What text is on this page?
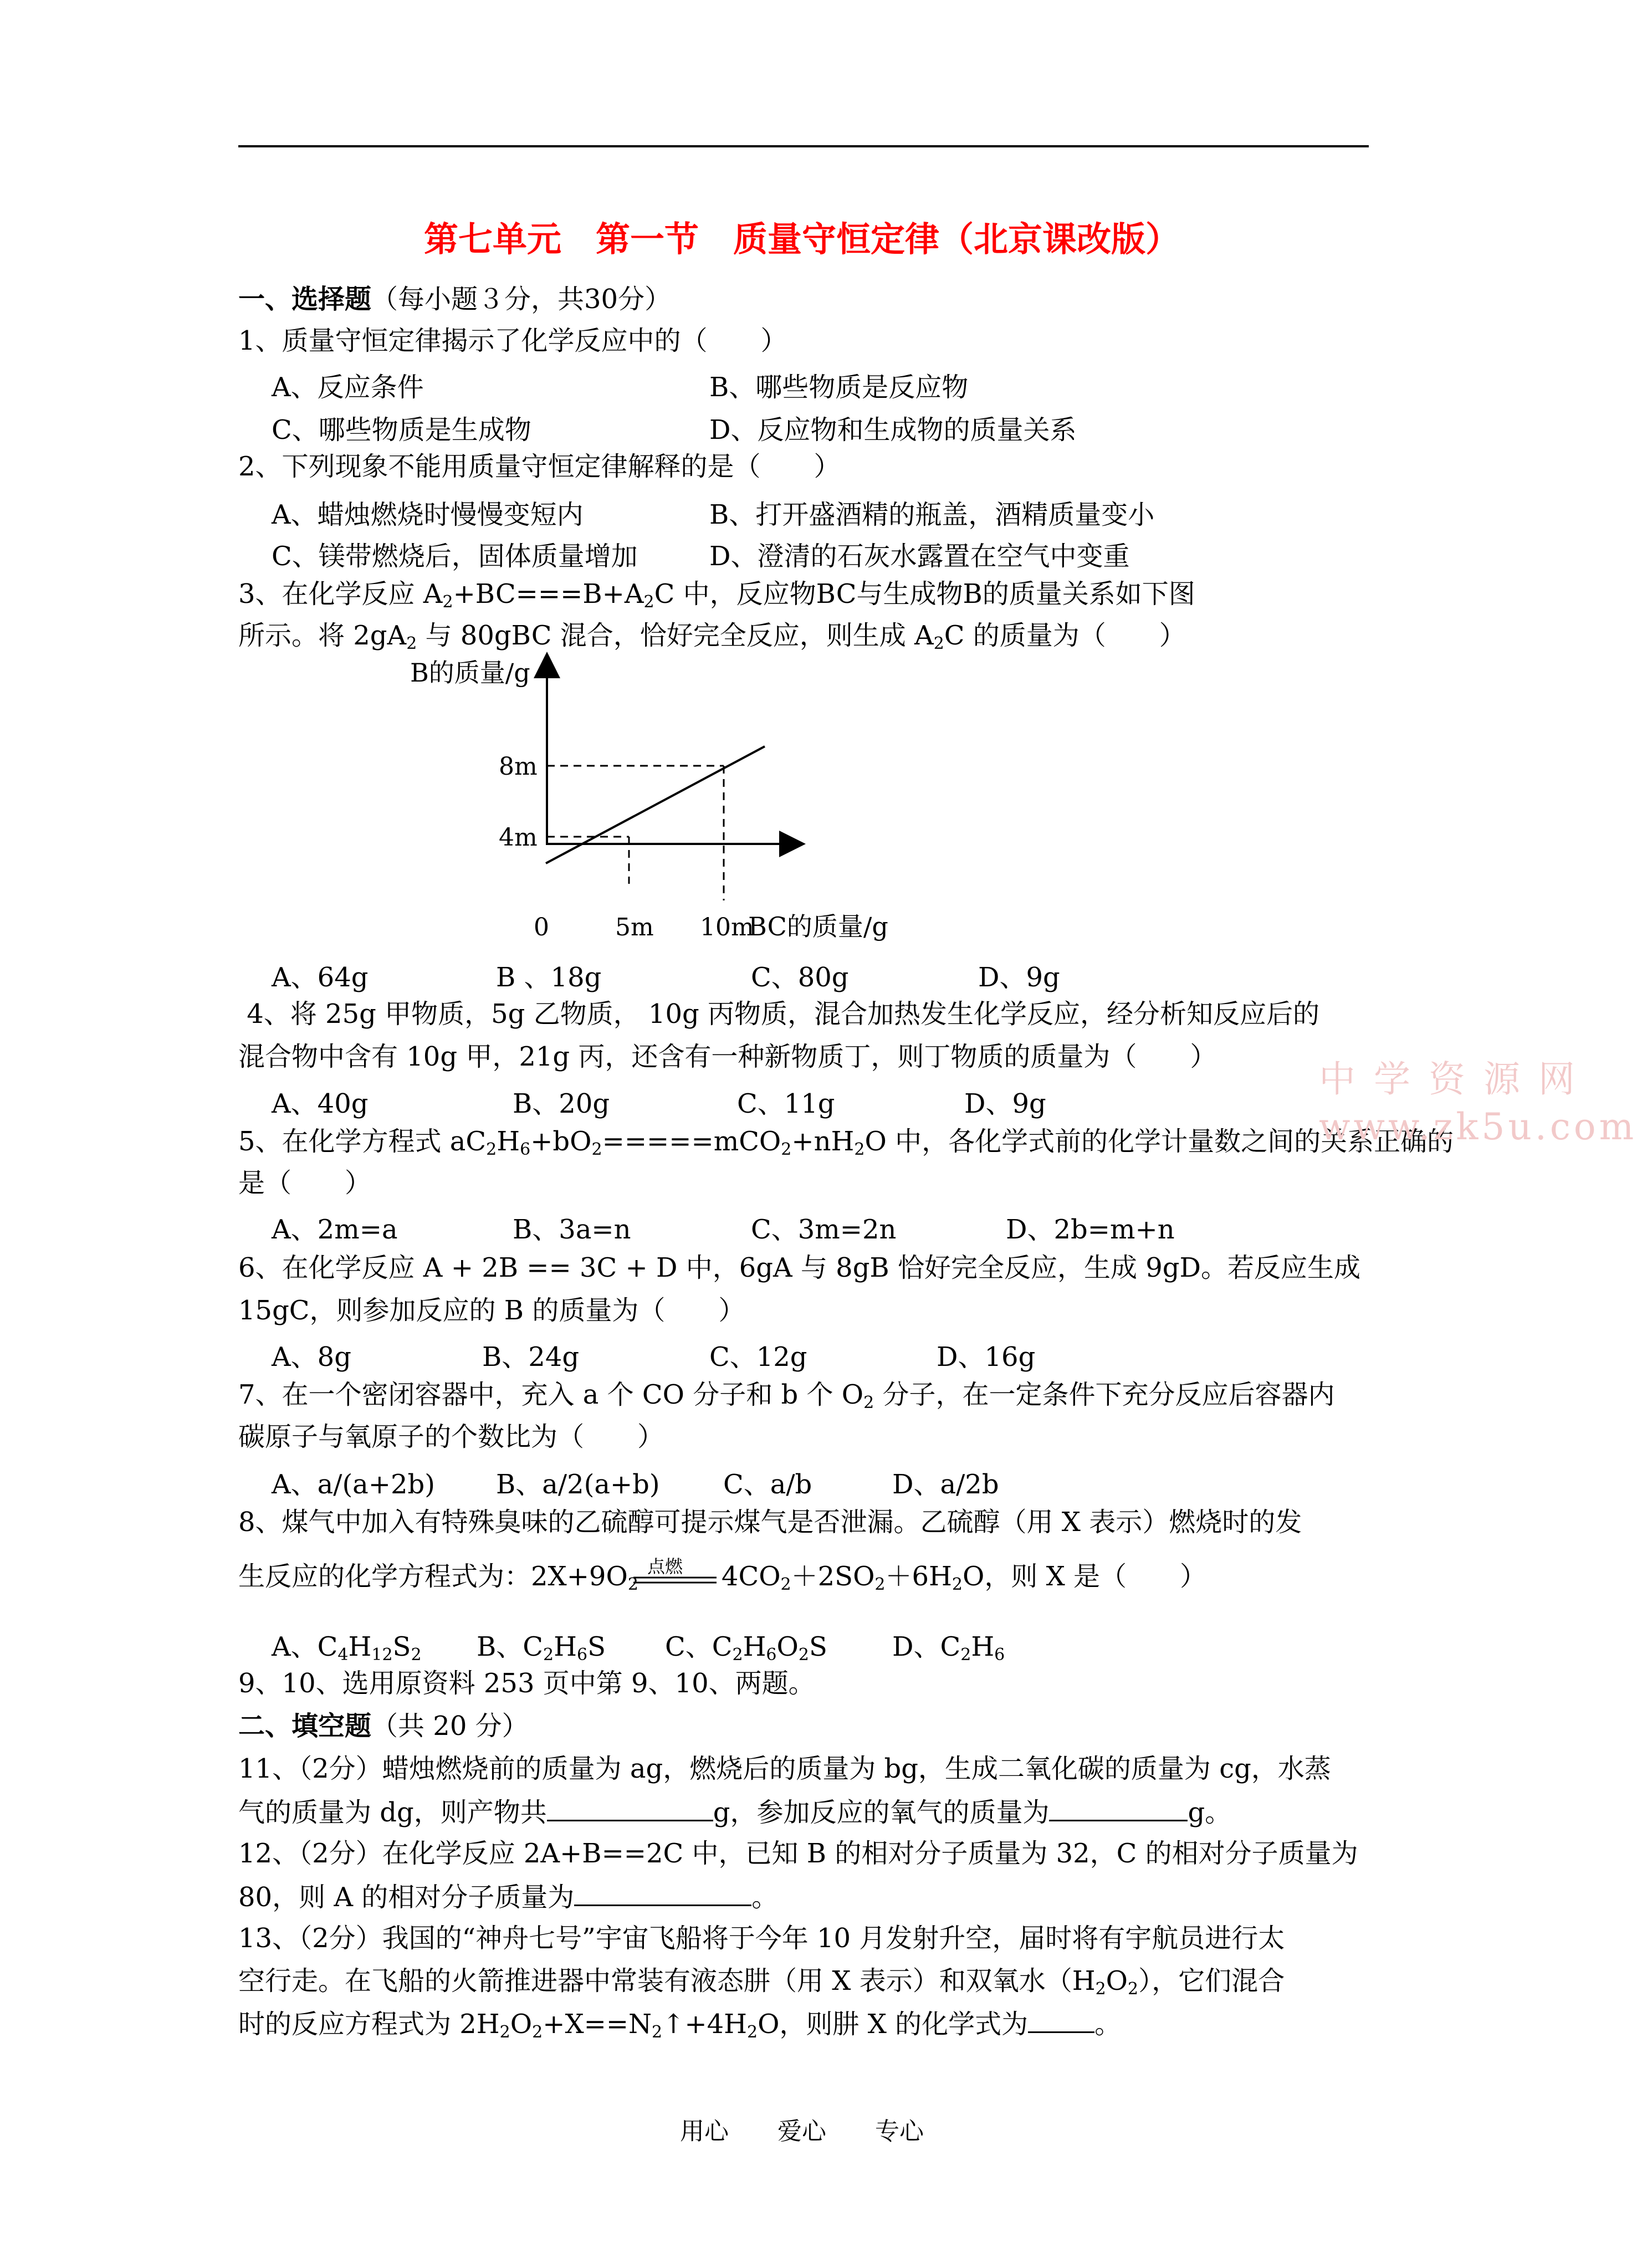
第七单元　第一节　质量守恒定律（北京课改版）
一、选择题（每小题３分，共30分）
1、质量守恒定律揭示了化学反应中的（　　）
A、反应条件	B、哪些物质是反应物
C、哪些物质是生成物	D、反应物和生成物的质量关系
2、下列现象不能用质量守恒定律解释的是（　　）
A、蜡烛燃烧时慢慢变短内	B、打开盛酒精的瓶盖，酒精质量变小
C、镁带燃烧后，固体质量增加	D、澄清的石灰水露置在空气中变重
3、在化学反应 $A_2+BC===B+A_2C$ 中，反应物BC与生成物B的质量关系如下图
所示。将 $2gA_2$ 与 80gBC 混合，恰好完全反应，则生成 $A_2C$ 的质量为（　　）
B的质量/g
4m
8m
0	5m 10m
BC的质量/g
A、64g	B 、18g	C、80g	D、9g
4、将 25g 甲物质，5g 乙物质， 10g 丙物质，混合加热发生化学反应，经分析知反应后的
混合物中含有 10g 甲，21g 丙，还含有一种新物质丁，则丁物质的质量为（　　）
A、40g	B、20g	C、11g	D、9g
5、在化学方程式 $aC_2H_6+bO_2=====mCO_2+nH_2O$ 中，各化学式前的化学计量数之间的关系正确的
是（　　）
A、2m=a	B、3a=n	C、3m=2n	D、2b=m+n
6、在化学反应 A + 2B == 3C + D 中，6gA 与 8gB 恰好完全反应，生成 9gD。若反应生成
15gC，则参加反应的 B 的质量为（　　）
A、8g	B、24g	C、12g	D、16g
7、在一个密闭容器中，充入 a 个 CO 分子和 b 个 $O_2$ 分子，在一定条件下充分反应后容器内
碳原子与氧原子的个数比为（　　）
A、a/(a+2b) B、a/2(a+b) C、a/b	D、a/2b
8、煤气中加入有特殊臭味的乙硫醇可提示煤气是否泄漏。乙硫醇（用 X 表示）燃烧时的发
点燃
生反应的化学方程式为：$2X+9O_2$	$4CO_2+2SO_2+6H_2O$，则 X 是（　　）
A、$C_4H_{12}S_2$ B、$C_2H_6S$ C、$C_2H_6O_2S$ D、$C_2H_6$
9、10、选用原资料 253 页中第 9、10、两题。
二、填空题（共 20 分）
11、（2分）蜡烛燃烧前的质量为 ag，燃烧后的质量为 bg，生成二氧化碳的质量为 cg，水蒸
气的质量为 dg，则产物共	g，参加反应的氧气的质量为	g。
12、（2分）在化学反应 2A+B==2C 中，已知 B 的相对分子质量为 32，C 的相对分子质量为
80，则 A 的相对分子质量为	。
13、（2分）我国的“神舟七号”宇宙飞船将于今年 10 月发射升空，届时将有宇航员进行太
空行走。在飞船的火箭推进器中常装有液态肼（用 X 表示）和双氧水$(H_2O_2)$，它们混合
时的反应方程式为 $2H_2O_2+X==N_2↑+4H_2O$，则肼 X 的化学式为	。
中 学 资 源 网
www.zk5u.com
用心　　爱心　　专心
